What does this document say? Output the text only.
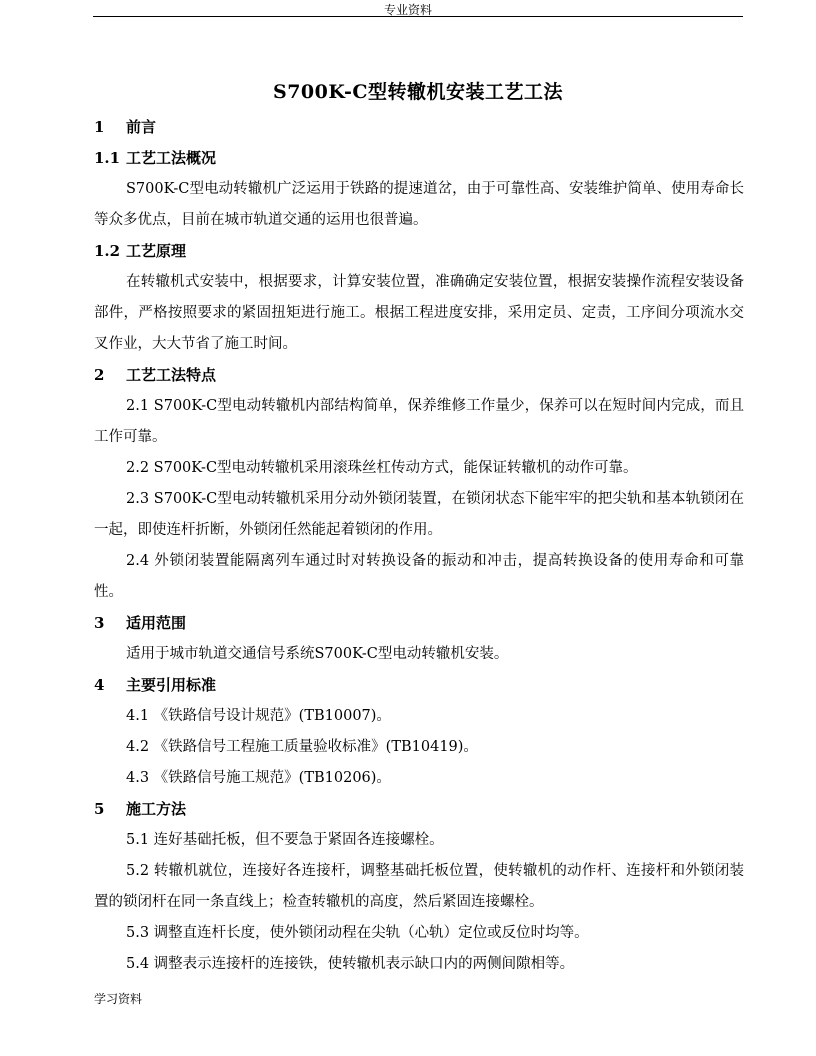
专业资料
S700K-C型转辙机安装工艺工法
1 前言
1.1 工艺工法概况
S700K-C型电动转辙机广泛运用于铁路的提速道岔，由于可靠性高、安装维护简单、使用寿命长等众多优点，目前在城市轨道交通的运用也很普遍。
1.2 工艺原理
在转辙机式安装中，根据要求，计算安装位置，准确确定安装位置，根据安装操作流程安装设备部件，严格按照要求的紧固扭矩进行施工。根据工程进度安排，采用定员、定责，工序间分项流水交叉作业，大大节省了施工时间。
2 工艺工法特点
2.1 S700K-C型电动转辙机内部结构简单，保养维修工作量少，保养可以在短时间内完成，而且工作可靠。
2.2 S700K-C型电动转辙机采用滚珠丝杠传动方式，能保证转辙机的动作可靠。
2.3 S700K-C型电动转辙机采用分动外锁闭装置，在锁闭状态下能牢牢的把尖轨和基本轨锁闭在一起，即使连杆折断，外锁闭任然能起着锁闭的作用。
2.4 外锁闭装置能隔离列车通过时对转换设备的振动和冲击，提高转换设备的使用寿命和可靠性。
3 适用范围
适用于城市轨道交通信号系统S700K-C型电动转辙机安装。
4 主要引用标准
4.1 《铁路信号设计规范》(TB10007)。
4.2 《铁路信号工程施工质量验收标准》(TB10419)。
4.3 《铁路信号施工规范》(TB10206)。
5 施工方法
5.1 连好基础托板，但不要急于紧固各连接螺栓。
5.2 转辙机就位，连接好各连接杆，调整基础托板位置，使转辙机的动作杆、连接杆和外锁闭装置的锁闭杆在同一条直线上；检查转辙机的高度，然后紧固连接螺栓。
5.3 调整直连杆长度，使外锁闭动程在尖轨（心轨）定位或反位时均等。
5.4 调整表示连接杆的连接铁，使转辙机表示缺口内的两侧间隙相等。
学习资料
